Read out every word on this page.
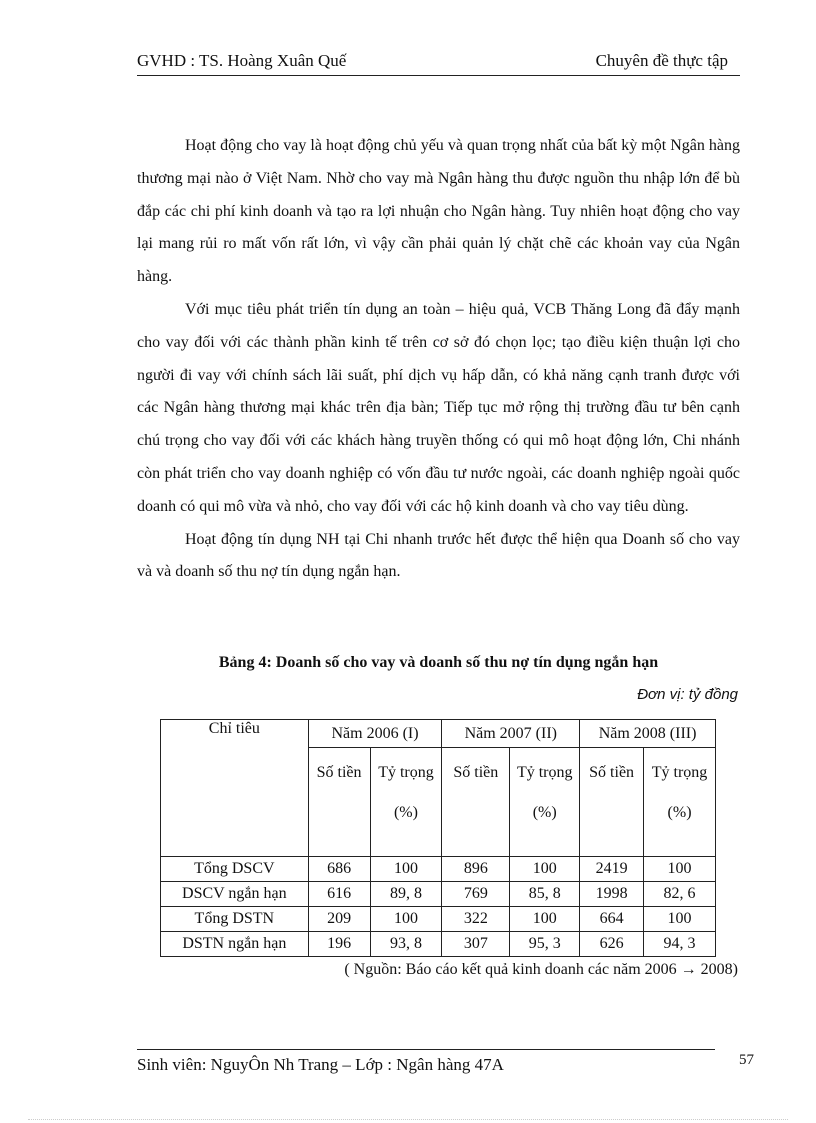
GVHD : TS. Hoàng Xuân Quế	Chuyên đề thực tập

Hoạt động cho vay là hoạt động chủ yếu và quan trọng nhất của bất kỳ một Ngân hàng thương mại nào ở Việt Nam. Nhờ cho vay mà Ngân hàng thu được nguồn thu nhập lớn để bù đắp các chi phí kinh doanh và tạo ra lợi nhuận cho Ngân hàng. Tuy nhiên hoạt động cho vay lại mang rủi ro mất vốn rất lớn, vì vậy cần phải quản lý chặt chẽ các khoản vay của Ngân hàng.

Với mục tiêu phát triển tín dụng an toàn – hiệu quả, VCB Thăng Long đã đẩy mạnh cho vay đối với các thành phần kinh tế trên cơ sở đó chọn lọc; tạo điều kiện thuận lợi cho người đi vay với chính sách lãi suất, phí dịch vụ hấp dẫn, có khả năng cạnh tranh được với các Ngân hàng thương mại khác trên địa bàn; Tiếp tục mở rộng thị trường đầu tư bên cạnh chú trọng cho vay đối với các khách hàng truyền thống có qui mô hoạt động lớn, Chi nhánh còn phát triển cho vay doanh nghiệp có vốn đầu tư nước ngoài, các doanh nghiệp ngoài quốc doanh có qui mô vừa và nhỏ, cho vay đối với các hộ kinh doanh và cho vay tiêu dùng.

Hoạt động tín dụng NH tại Chi nhanh trước hết được thể hiện qua Doanh số cho vay và và doanh số thu nợ tín dụng ngắn hạn.

Bảng 4: Doanh số cho vay và doanh số thu nợ tín dụng ngắn hạn
Đơn vị: tỷ đồng
Chỉ tiêu	Năm 2006 (I)		Năm 2007 (II)		Năm 2008 (III)	
	Số tiền	Tỷ trọng	Số tiền	Tỷ trọng	Số tiền	Tỷ trọng
		(%)		(%)		(%)
Tổng DSCV	686	100	896	100	2419	100
DSCV ngắn hạn	616	89, 8	769	85, 8	1998	82, 6
Tổng DSTN	209	100	322	100	664	100
DSTN ngắn hạn	196	93, 8	307	95, 3	626	94, 3
( Nguồn: Báo cáo kết quả kinh doanh các năm 2006 → 2008)
Sinh viên: NguyÔn Nh Trang – Lớp : Ngân hàng 47A	57
